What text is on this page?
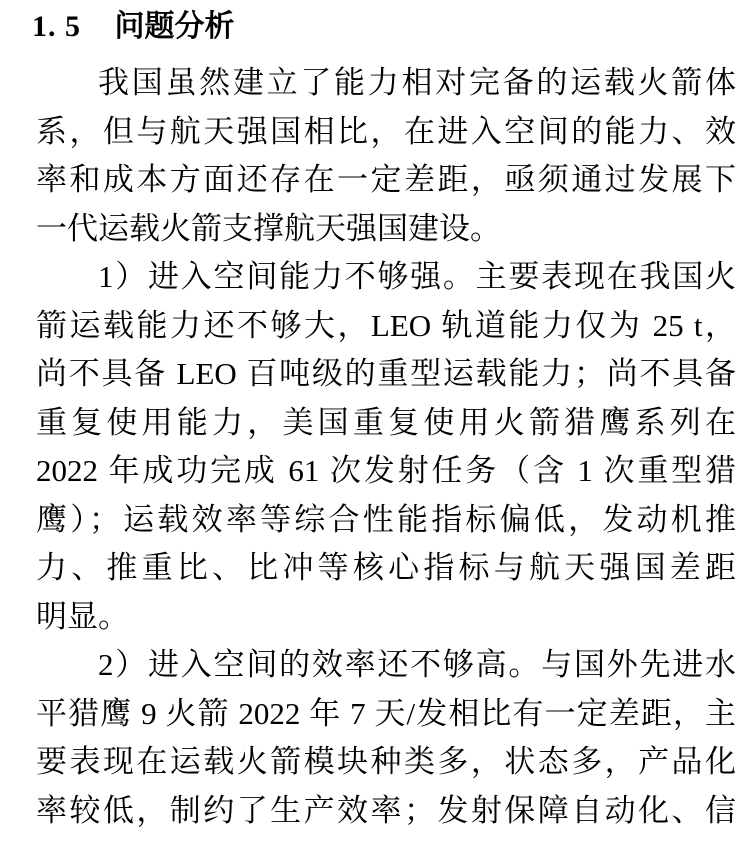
1. 5 问题分析

我国虽然建立了能力相对完备的运载火箭体

系，但与航天强国相比，在进入空间的能力、效

率和成本方面还存在一定差距，亟须通过发展下

一代运载火箭支撑航天强国建设。

1）进入空间能力不够强。主要表现在我国火

箭运载能力还不够大，LEO 轨道能力仅为 25 t，

尚不具备 LEO 百吨级的重型运载能力；尚不具备

重复使用能力，美国重复使用火箭猎鹰系列在

2022 年成功完成 61 次发射任务（含 1 次重型猎

鹰）；运载效率等综合性能指标偏低，发动机推

力、推重比、比冲等核心指标与航天强国差距

明显。

2）进入空间的效率还不够高。与国外先进水

平猎鹰 9 火箭 2022 年 7 天/发相比有一定差距，主

要表现在运载火箭模块种类多，状态多，产品化

率较低，制约了生产效率；发射保障自动化、信
